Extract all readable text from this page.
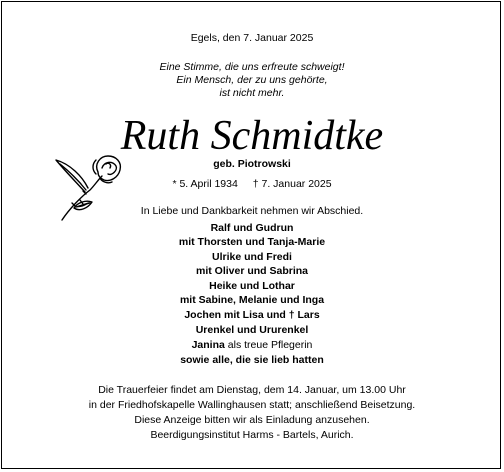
Egels, den 7. Januar 2025
Eine Stimme, die uns erfreute schweigt!
Ein Mensch, der zu uns gehörte,
ist nicht mehr.
Ruth Schmidtke
geb. Piotrowski
* 5. April 1934 † 7. Januar 2025
In Liebe und Dankbarkeit nehmen wir Abschied.
Ralf und Gudrun
mit Thorsten und Tanja-Marie
Ulrike und Fredi
mit Oliver und Sabrina
Heike und Lothar
mit Sabine, Melanie und Inga
Jochen mit Lisa und † Lars
Urenkel und Ururenkel
Janina als treue Pflegerin
sowie alle, die sie lieb hatten
Die Trauerfeier findet am Dienstag, dem 14. Januar, um 13.00 Uhr
in der Friedhofskapelle Wallinghausen statt; anschließend Beisetzung.
Diese Anzeige bitten wir als Einladung anzusehen.
Beerdigungsinstitut Harms - Bartels, Aurich.
